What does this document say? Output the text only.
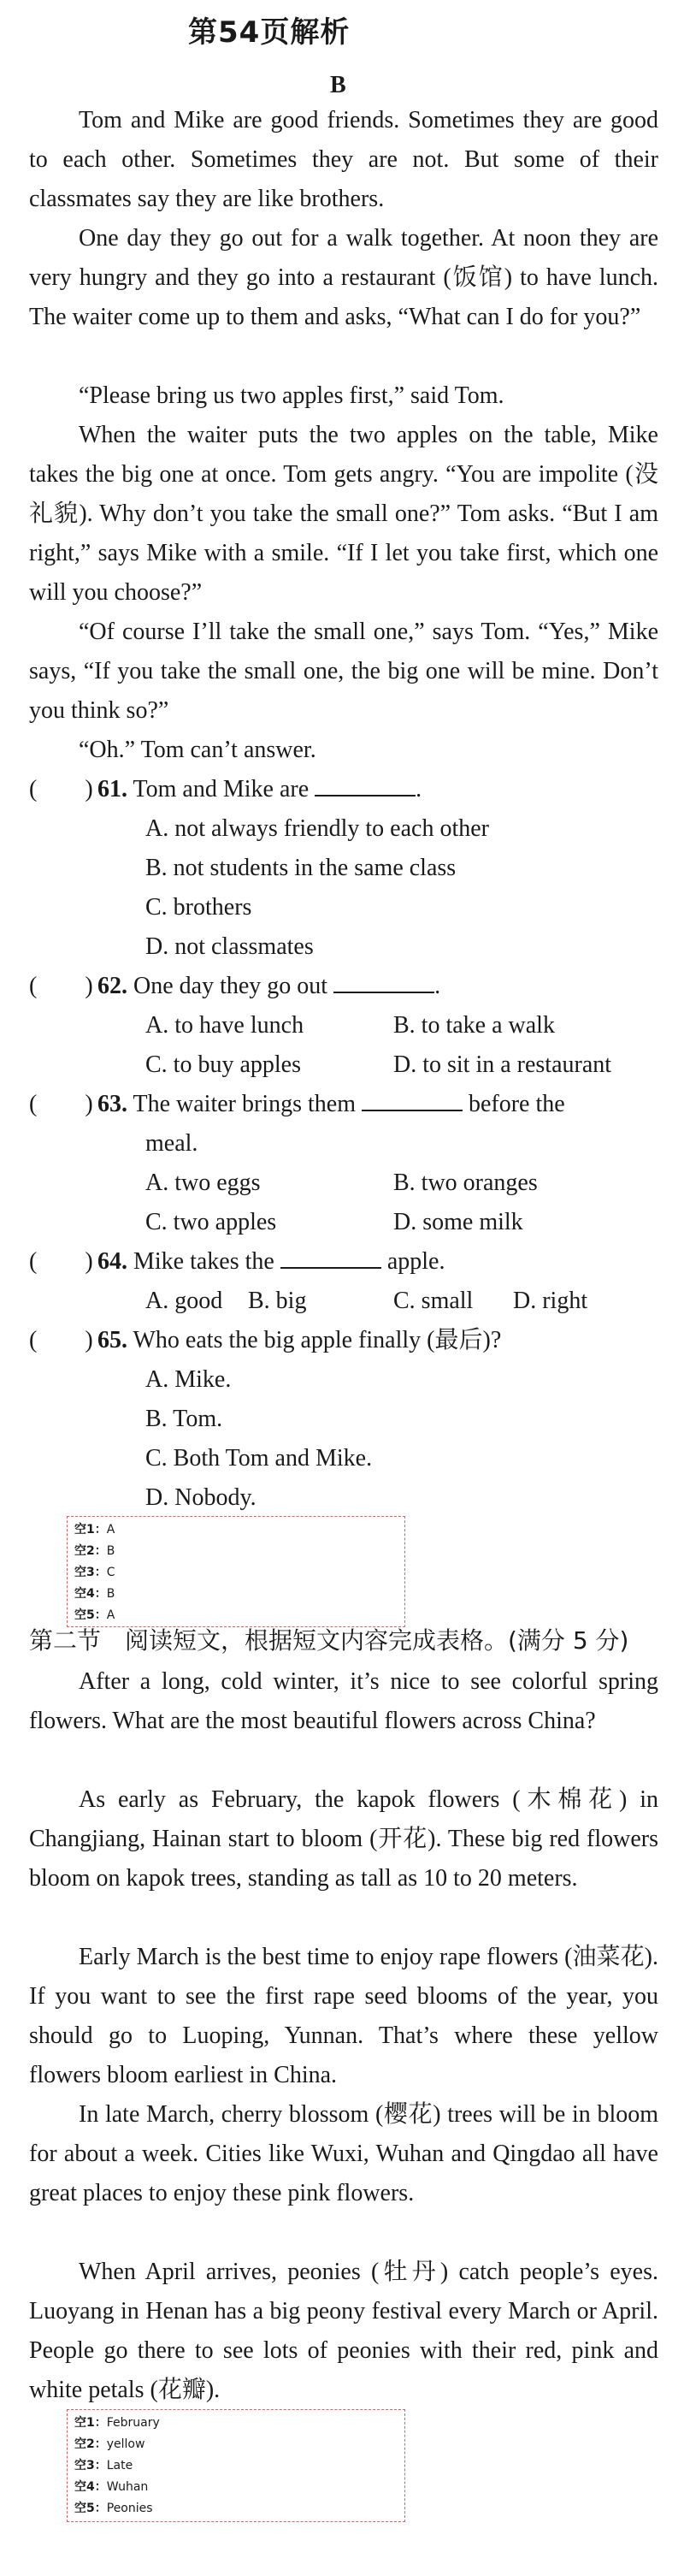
第54页解析
B

Tom and Mike are good friends. Sometimes they are good to each other. Sometimes they are not. But some of their classmates say they are like brothers.

One day they go out for a walk together. At noon they are very hungry and they go into a restaurant (饭馆) to have lunch. The waiter come up to them and asks, “What can I do for you?”

“Please bring us two apples first,” said Tom.

When the waiter puts the two apples on the table, Mike takes the big one at once. Tom gets angry. “You are impolite (没礼貌). Why don’t you take the small one?” Tom asks. “But I am right,” says Mike with a smile. “If I let you take first, which one will you choose?”

“Of course I’ll take the small one,” says Tom. “Yes,” Mike says, “If you take the small one, the big one will be mine. Don’t you think so?”

“Oh.” Tom can’t answer.

( ) 61. Tom and Mike are	.
A. not always friendly to each other
B. not students in the same class
C. brothers
D. not classmates
( ) 62. One day they go out	.
A. to have lunch	B. to take a walk
C. to buy apples	D. to sit in a restaurant
( ) 63. The waiter brings them	before the
meal.
A. two eggs	B. two oranges
C. two apples	D. some milk
( ) 64. Mike takes the	apple.
A. good B. big	C. small D. right
( ) 65. Who eats the big apple finally (最后)?
A. Mike.
B. Tom.
C. Both Tom and Mike.
D. Nobody.
空1：A
空2：B
空3：C
空4：B
空5：A
第二节　阅读短文，根据短文内容完成表格。(满分 5 分)

After a long, cold winter, it’s nice to see colorful spring flowers. What are the most beautiful flowers across China?

As early as February, the kapok flowers (木棉花) in Changjiang, Hainan start to bloom (开花). These big red flowers bloom on kapok trees, standing as tall as 10 to 20 meters.

Early March is the best time to enjoy rape flowers (油菜花). If you want to see the first rape seed blooms of the year, you should go to Luoping, Yunnan. That’s where these yellow flowers bloom earliest in China.

In late March, cherry blossom (樱花) trees will be in bloom for about a week. Cities like Wuxi, Wuhan and Qingdao all have great places to enjoy these pink flowers.

When April arrives, peonies (牡丹) catch people’s eyes. Luoyang in Henan has a big peony festival every March or April. People go there to see lots of peonies with their red, pink and white petals (花瓣).

空1：February
空2：yellow
空3：Late
空4：Wuhan
空5：Peonies
